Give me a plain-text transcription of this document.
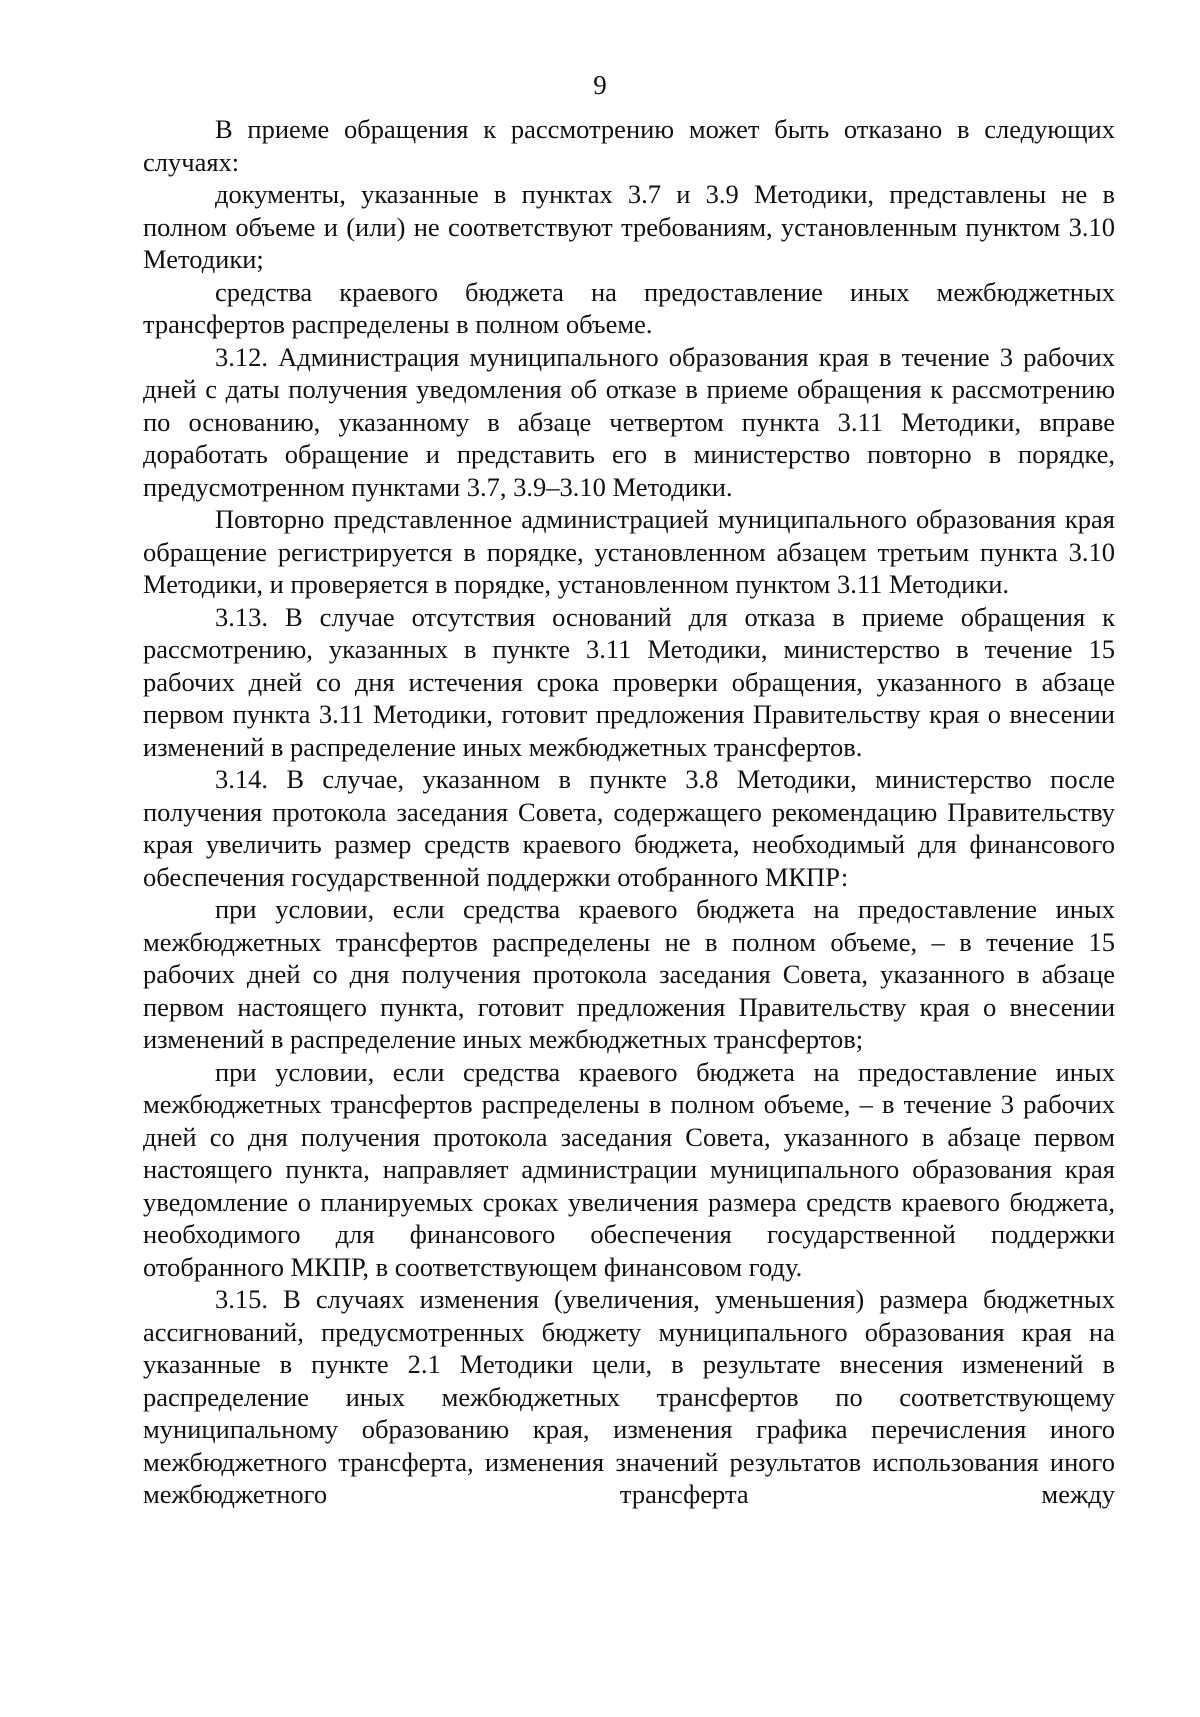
9

В приеме обращения к рассмотрению может быть отказано в следующих случаях:

документы, указанные в пунктах 3.7 и 3.9 Методики, представлены не в полном объеме и (или) не соответствуют требованиям, установленным пунктом 3.10 Методики;

средства краевого бюджета на предоставление иных межбюджетных трансфертов распределены в полном объеме.

3.12. Администрация муниципального образования края в течение 3 рабочих дней с даты получения уведомления об отказе в приеме обращения к рассмотрению по основанию, указанному в абзаце четвертом пункта 3.11 Методики, вправе доработать обращение и представить его в министерство повторно в порядке, предусмотренном пунктами 3.7, 3.9–3.10 Методики.

Повторно представленное администрацией муниципального образования края обращение регистрируется в порядке, установленном абзацем третьим пункта 3.10 Методики, и проверяется в порядке, установленном пунктом 3.11 Методики.

3.13. В случае отсутствия оснований для отказа в приеме обращения к рассмотрению, указанных в пункте 3.11 Методики, министерство в течение 15 рабочих дней со дня истечения срока проверки обращения, указанного в абзаце первом пункта 3.11 Методики, готовит предложения Правительству края о внесении изменений в распределение иных межбюджетных трансфертов.

3.14. В случае, указанном в пункте 3.8 Методики, министерство после получения протокола заседания Совета, содержащего рекомендацию Правительству края увеличить размер средств краевого бюджета, необходимый для финансового обеспечения государственной поддержки отобранного МКПР:

при условии, если средства краевого бюджета на предоставление иных межбюджетных трансфертов распределены не в полном объеме, – в течение 15 рабочих дней со дня получения протокола заседания Совета, указанного в абзаце первом настоящего пункта, готовит предложения Правительству края о внесении изменений в распределение иных межбюджетных трансфертов;

при условии, если средства краевого бюджета на предоставление иных межбюджетных трансфертов распределены в полном объеме, – в течение 3 рабочих дней со дня получения протокола заседания Совета, указанного в абзаце первом настоящего пункта, направляет администрации муниципального образования края уведомление о планируемых сроках увеличения размера средств краевого бюджета, необходимого для финансового обеспечения государственной поддержки отобранного МКПР, в соответствующем финансовом году.

3.15. В случаях изменения (увеличения, уменьшения) размера бюджетных ассигнований, предусмотренных бюджету муниципального образования края на указанные в пункте 2.1 Методики цели, в результате внесения изменений в распределение иных межбюджетных трансфертов по соответствующему муниципальному образованию края, изменения графика перечисления иного межбюджетного трансферта, изменения значений результатов использования иного межбюджетного трансферта между
